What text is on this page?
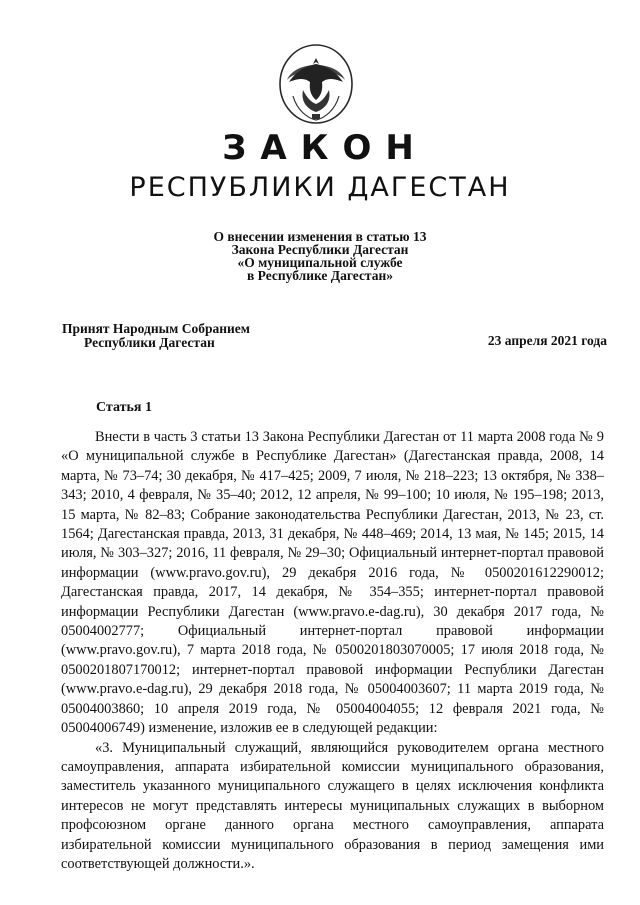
ЗАКОН
РЕСПУБЛИКИ ДАГЕСТАН
О внесении изменения в статью 13
Закона Республики Дагестан
«О муниципальной службе
в Республике Дагестан»
Принят Народным Собранием
Республики Дагестан	23 апреля 2021 года
Статья 1

Внести в часть 3 статьи 13 Закона Республики Дагестан от 11 марта 2008 года № 9 «О муниципальной службе в Республике Дагестан» (Дагестанская правда, 2008, 14 марта, № 73–74; 30 декабря, № 417–425; 2009, 7 июля, № 218–223; 13 октября, № 338–343; 2010, 4 февраля, № 35–40; 2012, 12 апреля, № 99–100; 10 июля, № 195–198; 2013, 15 марта, № 82–83; Собрание законодательства Республики Дагестан, 2013, № 23, ст. 1564; Дагестанская правда, 2013, 31 декабря, № 448–469; 2014, 13 мая, № 145; 2015, 14 июля, № 303–327; 2016, 11 февраля, № 29–30; Официальный интернет-портал правовой информации (www.pravo.gov.ru), 29 декабря 2016 года, № 0500201612290012; Дагестанская правда, 2017, 14 декабря, № 354–355; интернет-портал правовой информации Республики Дагестан (www.pravo.e-dag.ru), 30 декабря 2017 года, № 05004002777; Официальный интернет-портал правовой информации (www.pravo.gov.ru), 7 марта 2018 года, № 0500201803070005; 17 июля 2018 года, № 0500201807170012; интернет-портал правовой информации Республики Дагестан (www.pravo.e-dag.ru), 29 декабря 2018 года, № 05004003607; 11 марта 2019 года, № 05004003860; 10 апреля 2019 года, № 05004004055; 12 февраля 2021 года, № 05004006749) изменение, изложив ее в следующей редакции:

«3. Муниципальный служащий, являющийся руководителем органа местного самоуправления, аппарата избирательной комиссии муниципального образования, заместитель указанного муниципального служащего в целях исключения конфликта интересов не могут представлять интересы муниципальных служащих в выборном профсоюзном органе данного органа местного самоуправления, аппарата избирательной комиссии муниципального образования в период замещения ими соответствующей должности.».
